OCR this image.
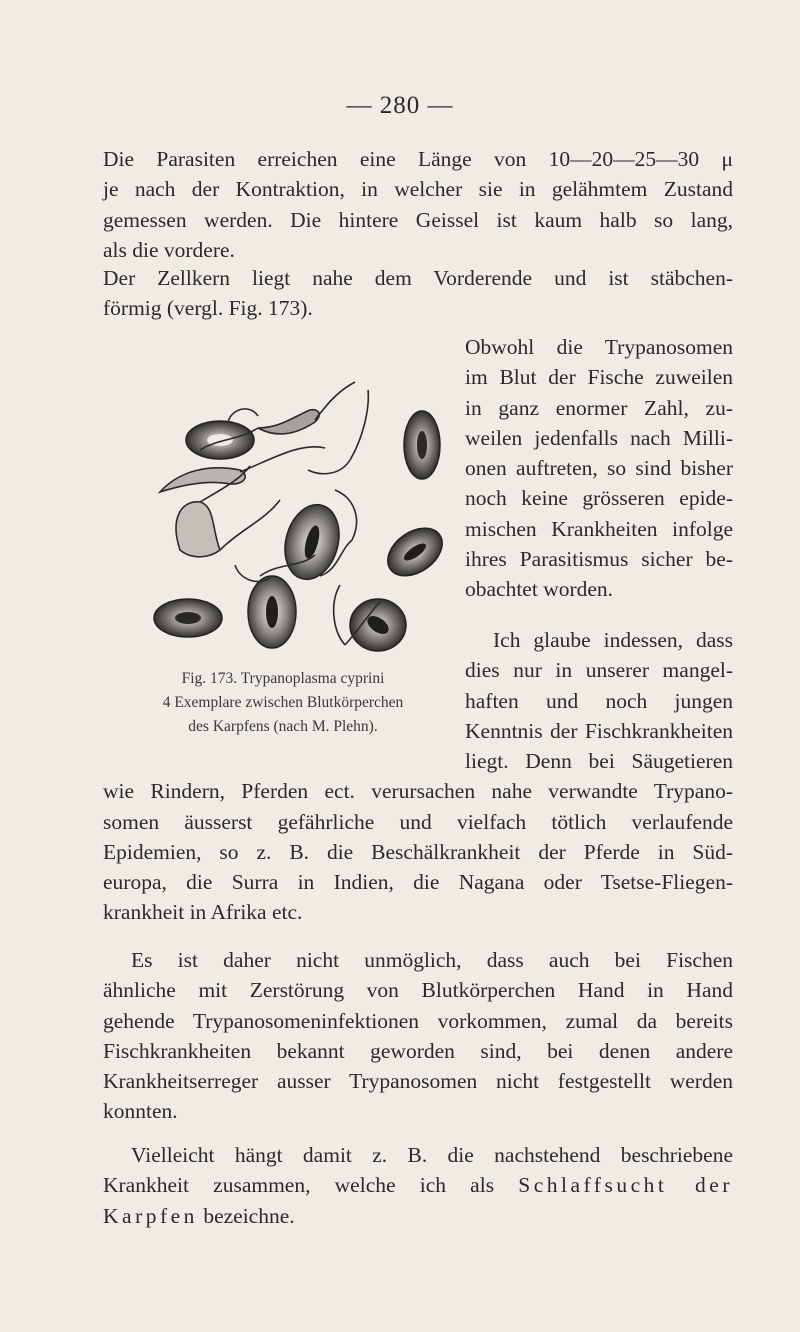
— 280 —

Die Parasiten erreichen eine Länge von 10—20—25—30 μ
je nach der Kontraktion, in welcher sie in gelähmtem Zustand
gemessen werden. Die hintere Geissel ist kaum halb so lang,
als die vordere.

Der Zellkern liegt nahe dem Vorderende und ist stäbchen-
förmig (vergl. Fig. 173).

Obwohl die Trypanosomen
im Blut der Fische zuweilen
in ganz enormer Zahl, zu-
weilen jedenfalls nach Milli-
onen auftreten, so sind bisher
noch keine grösseren epide-
mischen Krankheiten infolge
ihres Parasitismus sicher be-
obachtet worden.
Ich glaube indessen, dass
dies nur in unserer mangel-
haften und noch jungen
Kenntnis der Fischkrankheiten
Fig. 173. Trypanoplasma cyprini
4 Exemplare zwischen Blutkörperchen
des Karpfens (nach M. Plehn).
liegt. Denn bei Säugetieren
wie Rindern, Pferden ect. verursachen nahe verwandte Trypano-
somen äusserst gefährliche und vielfach tötlich verlaufende
Epidemien, so z. B. die Beschälkrankheit der Pferde in Süd-
europa, die Surra in Indien, die Nagana oder Tsetse-Fliegen-
krankheit in Afrika etc.
Es ist daher nicht unmöglich, dass auch bei Fischen
ähnliche mit Zerstörung von Blutkörperchen Hand in Hand
gehende Trypanosomeninfektionen vorkommen, zumal da bereits
Fischkrankheiten bekannt geworden sind, bei denen andere
Krankheitserreger ausser Trypanosomen nicht festgestellt werden
konnten.
Vielleicht hängt damit z. B. die nachstehend beschriebene
Krankheit zusammen, welche ich als Schlaffsucht der
Karpfen bezeichne.
